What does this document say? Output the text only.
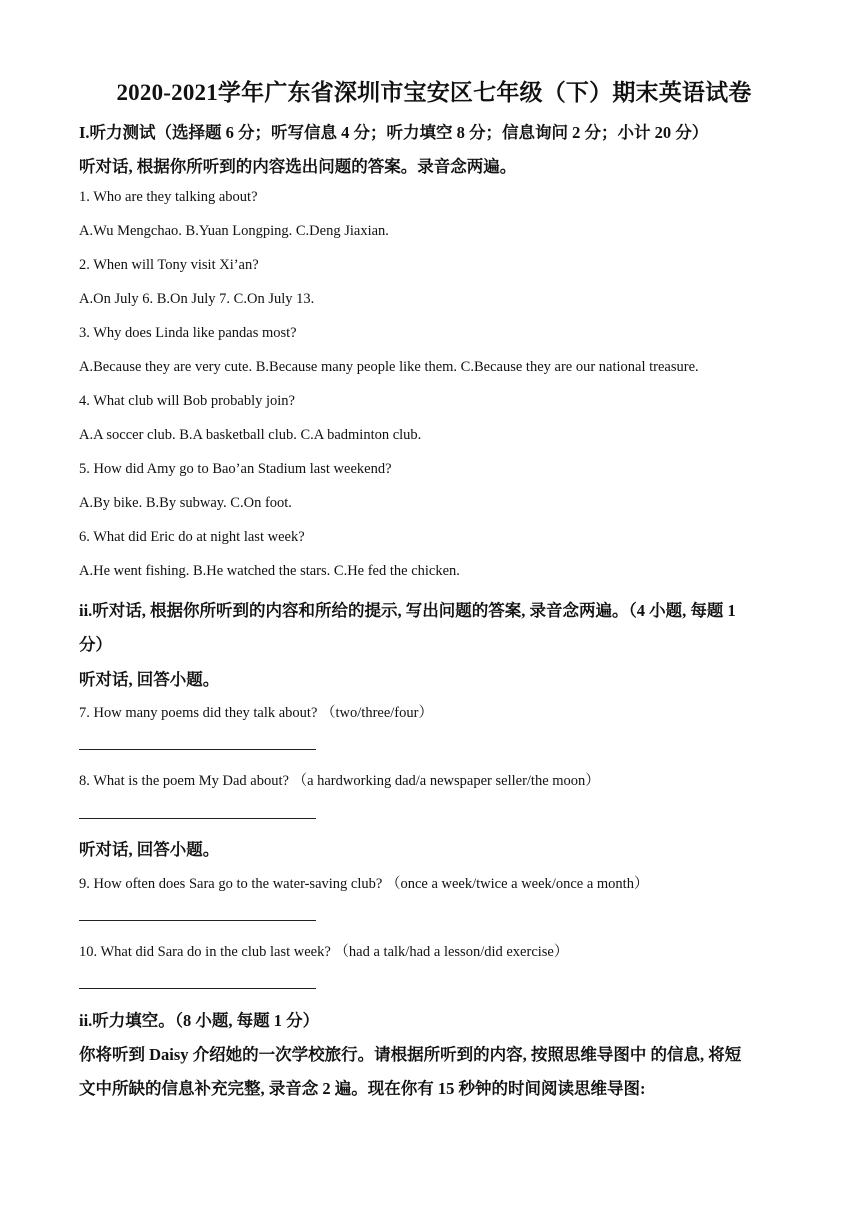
2020-2021学年广东省深圳市宝安区七年级（下）期末英语试卷
I.听力测试（选择题 6 分；听写信息 4 分；听力填空 8 分；信息询问 2 分；小计 20 分）
听对话, 根据你所听到的内容选出问题的答案。录音念两遍。
1. Who are they talking about?
A.Wu Mengchao. B.Yuan Longping. C.Deng Jiaxian.
2. When will Tony visit Xi’an?
A.On July 6. B.On July 7. C.On July 13.
3. Why does Linda like pandas most?
A.Because they are very cute. B.Because many people like them. C.Because they are our national treasure.
4. What club will Bob probably join?
A.A soccer club. B.A basketball club. C.A badminton club.
5. How did Amy go to Bao’an Stadium last weekend?
A.By bike. B.By subway. C.On foot.
6. What did Eric do at night last week?
A.He went fishing. B.He watched the stars. C.He fed the chicken.
ii.听对话, 根据你所听到的内容和所给的提示, 写出问题的答案, 录音念两遍。（4 小题, 每题 1
分）
听对话, 回答小题。
7. How many poems did they talk about? （two/three/four）
8. What is the poem My Dad about? （a hardworking dad/a newspaper seller/the moon）
听对话, 回答小题。
9. How often does Sara go to the water-saving club? （once a week/twice a week/once a month）
10. What did Sara do in the club last week? （had a talk/had a lesson/did exercise）
ii.听力填空。（8 小题, 每题 1 分）
你将听到 Daisy 介绍她的一次学校旅行。请根据所听到的内容, 按照思维导图中 的信息, 将短
文中所缺的信息补充完整, 录音念 2 遍。现在你有 15 秒钟的时间阅读思维导图:
